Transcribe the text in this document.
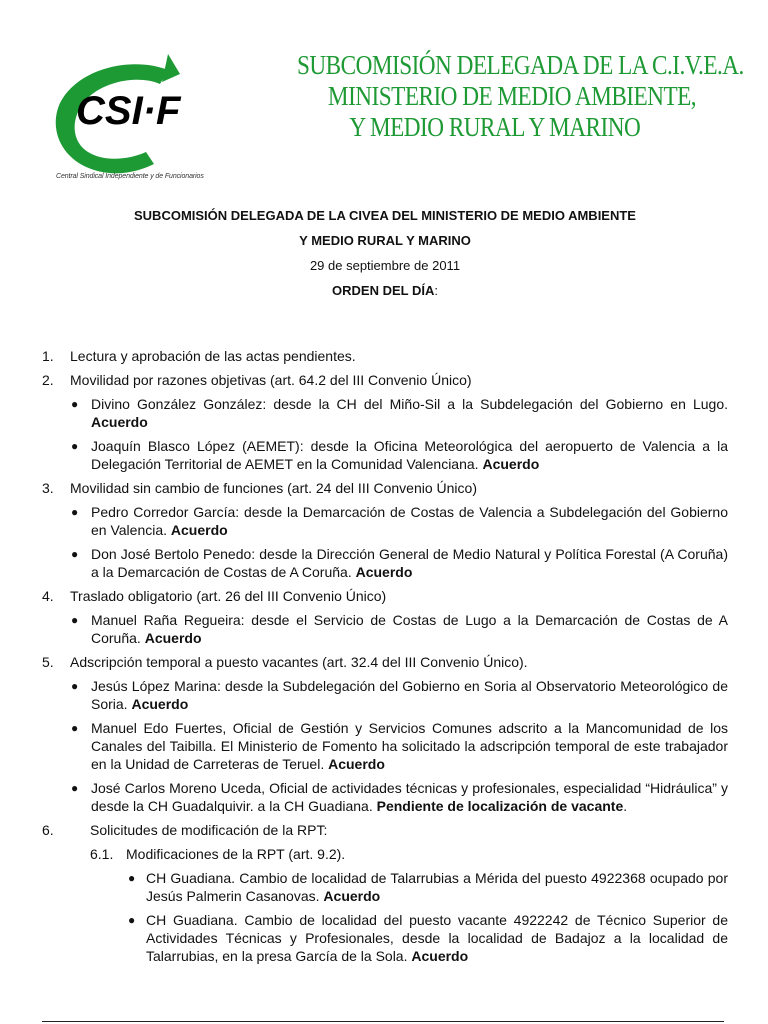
CSI·F
Central Sindical Independiente y de Funcionarios
SUBCOMISIÓN DELEGADA DE LA C.I.V.E.A.
MINISTERIO DE MEDIO AMBIENTE,
Y MEDIO RURAL Y MARINO
SUBCOMISIÓN DELEGADA DE LA CIVEA DEL MINISTERIO DE MEDIO AMBIENTE
Y MEDIO RURAL Y MARINO
29 de septiembre de 2011
ORDEN DEL DÍA:
1.	Lectura y aprobación de las actas pendientes.
2.	Movilidad por razones objetivas (art. 64.2 del III Convenio Único)
● Divino González González: desde la CH del Miño-Sil a la Subdelegación del Gobierno en Lugo. Acuerdo
● Joaquín Blasco López (AEMET): desde la Oficina Meteorológica del aeropuerto de Valencia a la Delegación Territorial de AEMET en la Comunidad Valenciana. Acuerdo
3.	Movilidad sin cambio de funciones (art. 24 del III Convenio Único)
● Pedro Corredor García: desde la Demarcación de Costas de Valencia a Subdelegación del Gobierno en Valencia. Acuerdo
● Don José Bertolo Penedo: desde la Dirección General de Medio Natural y Política Forestal (A Coruña) a la Demarcación de Costas de A Coruña. Acuerdo
4.	Traslado obligatorio (art. 26 del III Convenio Único)
● Manuel Raña Regueira: desde el Servicio de Costas de Lugo a la Demarcación de Costas de A Coruña. Acuerdo
5.	Adscripción temporal a puesto vacantes (art. 32.4 del III Convenio Único).
● Jesús López Marina: desde la Subdelegación del Gobierno en Soria al Observatorio Meteorológico de Soria. Acuerdo
● Manuel Edo Fuertes, Oficial de Gestión y Servicios Comunes adscrito a la Mancomunidad de los Canales del Taibilla. El Ministerio de Fomento ha solicitado la adscripción temporal de este trabajador en la Unidad de Carreteras de Teruel. Acuerdo
● José Carlos Moreno Uceda, Oficial de actividades técnicas y profesionales, especialidad “Hidráulica” y desde la CH Guadalquivir. a la CH Guadiana. Pendiente de localización de vacante.
6.	Solicitudes de modificación de la RPT:
6.1. Modificaciones de la RPT (art. 9.2).
● CH Guadiana. Cambio de localidad de Talarrubias a Mérida del puesto 4922368 ocupado por Jesús Palmerin Casanovas. Acuerdo
● CH Guadiana. Cambio de localidad del puesto vacante 4922242 de Técnico Superior de Actividades Técnicas y Profesionales, desde la localidad de Badajoz a la localidad de Talarrubias, en la presa García de la Sola. Acuerdo
